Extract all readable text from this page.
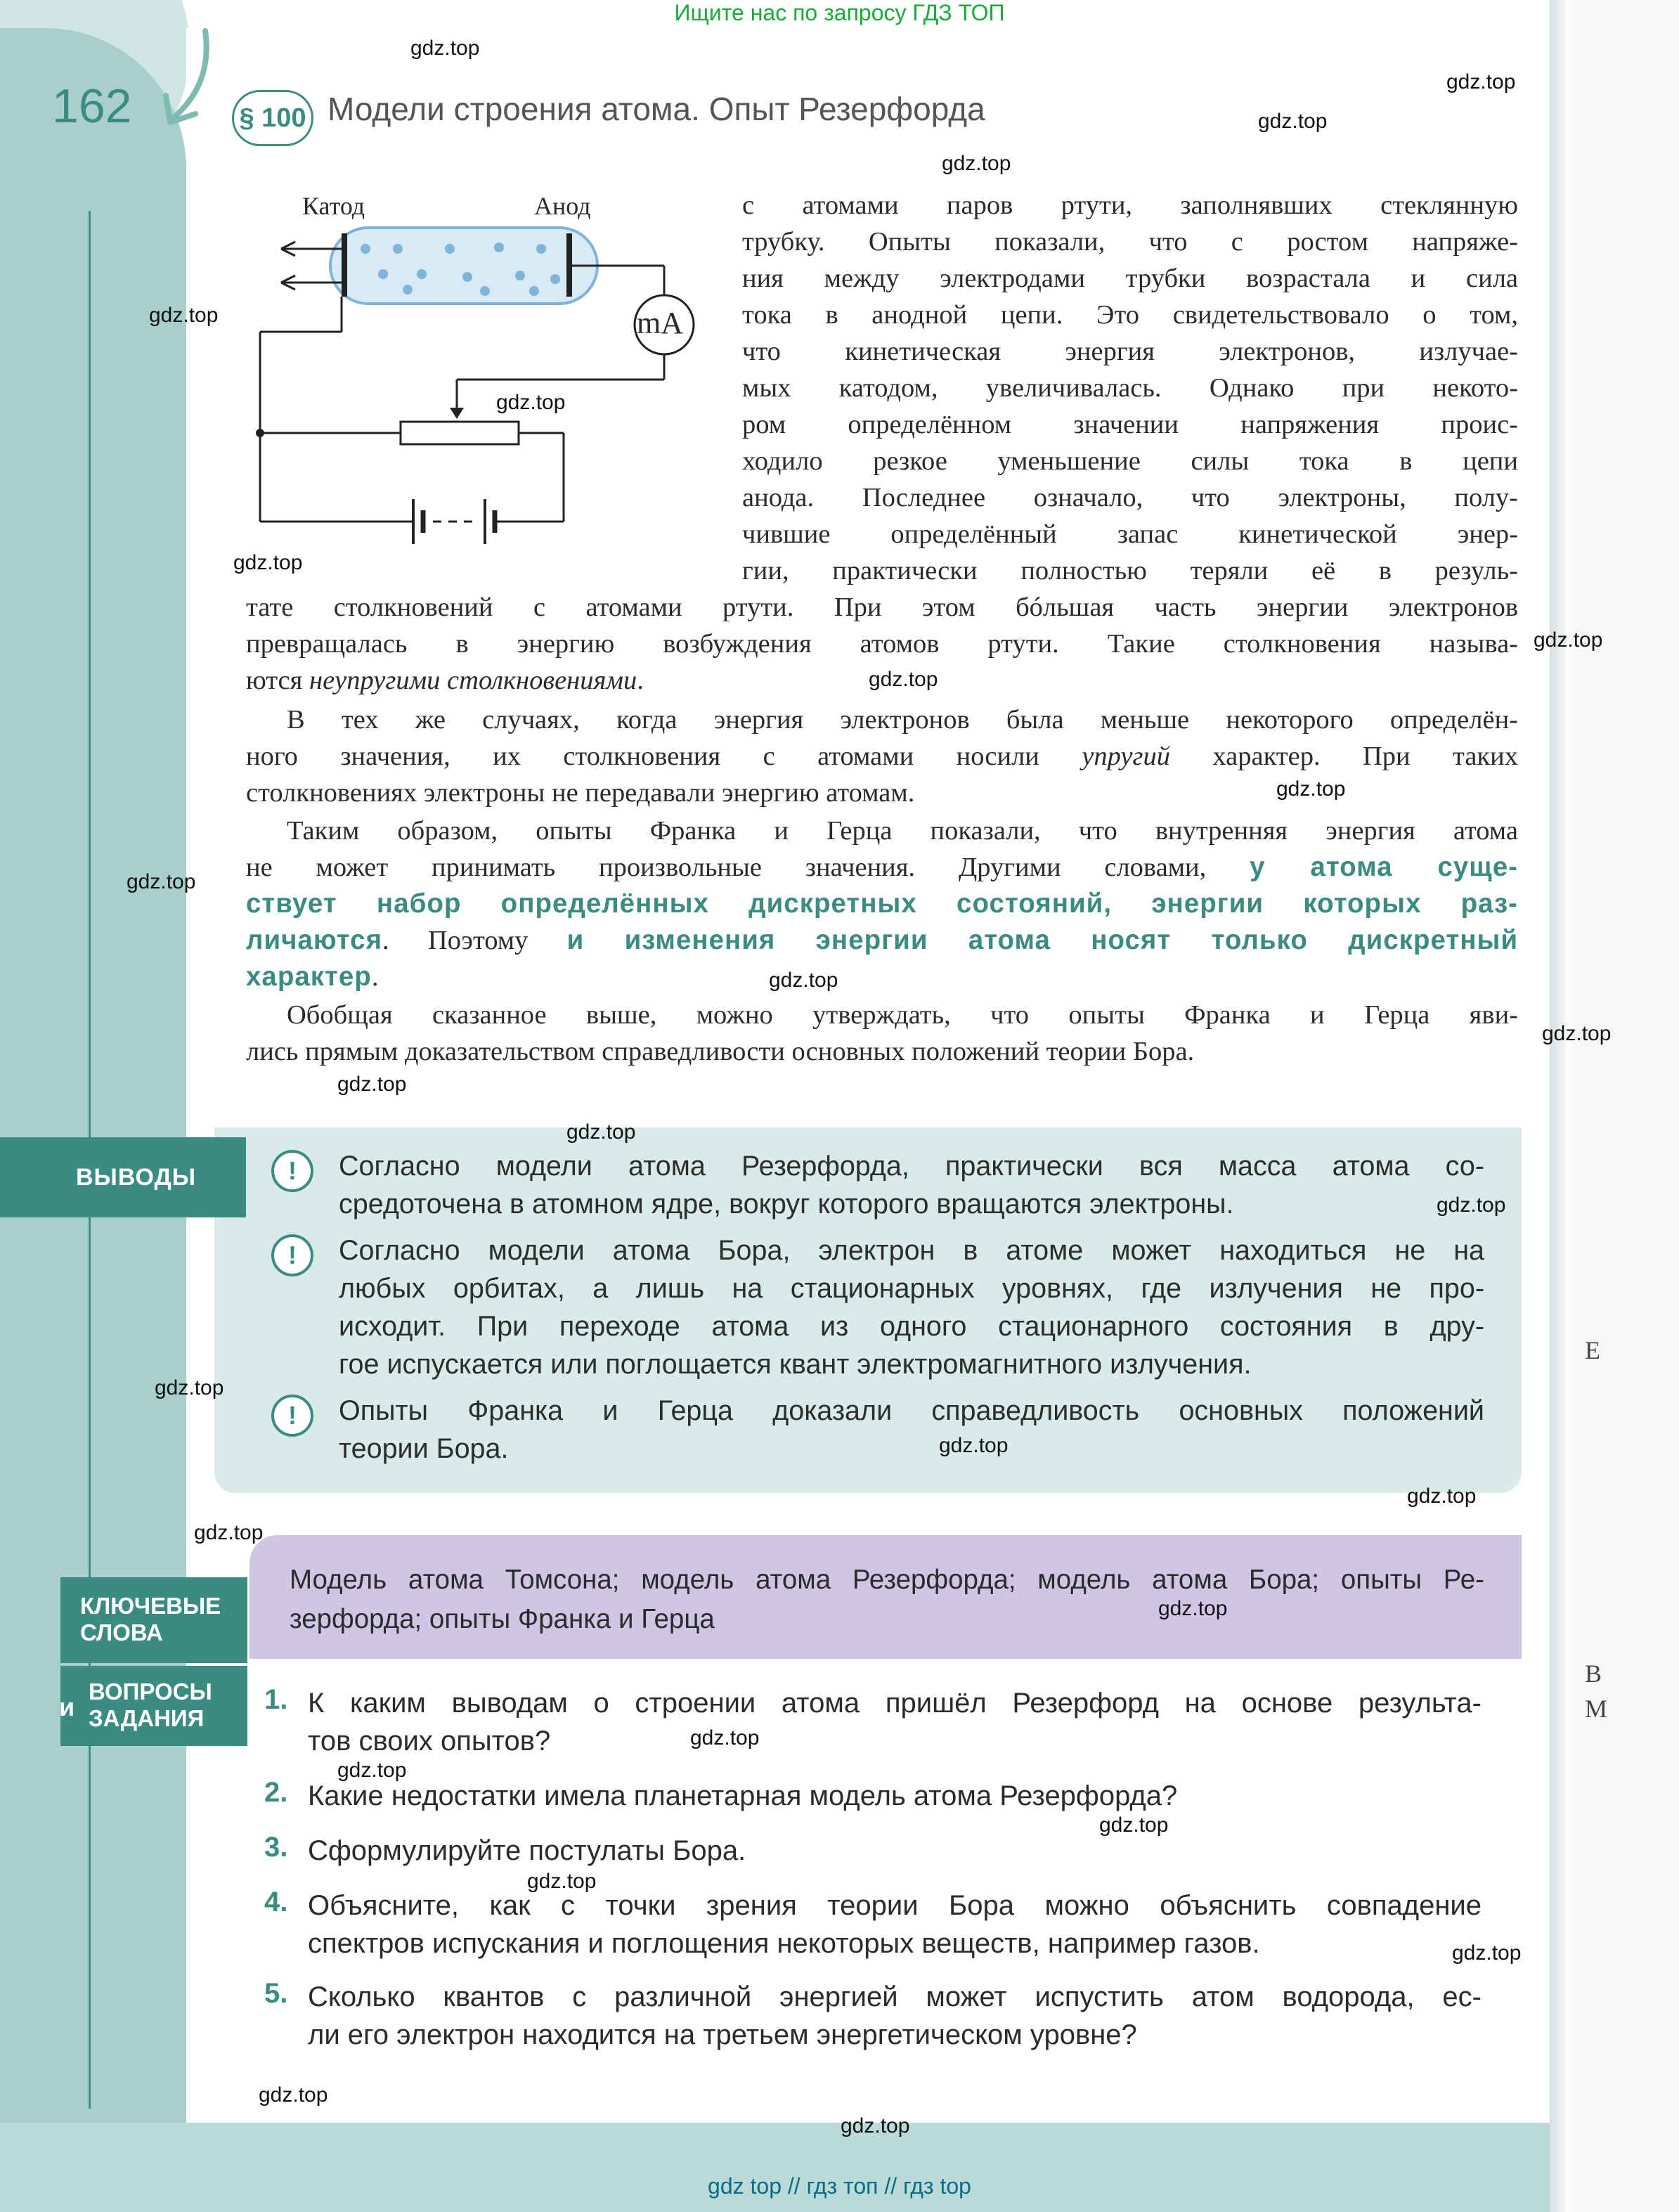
Е
В
М
Ищите нас по запросу ГДЗ ТОП
gdz top // гдз топ // гдз top
162	§ 100 Модели строения атома. Опыт Резерфорда
Катод	Анод
mA
с атомами паров ртути, заполнявших стеклянную
трубку. Опыты показали, что с ростом напряже-
ния между электродами трубки возрастала и сила
тока в анодной цепи. Это свидетельствовало о том,
что кинетическая энергия электронов, излучае-
мых катодом, увеличивалась. Однако при некото-
ром определённом значении напряжения проис-
ходило резкое уменьшение силы тока в цепи
анода. Последнее означало, что электроны, полу-
чившие определённый запас кинетической энер-
гии, практически полностью теряли её в резуль-
тате столкновений с атомами ртути. При этом бóльшая часть энергии электронов
превращалась в энергию возбуждения атомов ртути. Такие столкновения называ-
ются неупругими столкновениями.
В тех же случаях, когда энергия электронов была меньше некоторого определён-
ного значения, их столкновения с атомами носили упругий характер. При таких
столкновениях электроны не передавали энергию атомам.
Таким образом, опыты Франка и Герца показали, что внутренняя энергия атома
не может принимать произвольные значения. Другими словами, у атома суще-
ствует набор определённых дискретных состояний, энергии которых раз-
личаются. Поэтому и изменения энергии атома носят только дискретный
характер.
Обобщая сказанное выше, можно утверждать, что опыты Франка и Герца яви-
лись прямым доказательством справедливости основных положений теории Бора.
ВЫВОДЫ	!	Согласно модели атома Резерфорда, практически вся масса атома со-
средоточена в атомном ядре, вокруг которого вращаются электроны.
!	Согласно модели атома Бора, электрон в атоме может находиться не на
любых орбитах, а лишь на стационарных уровнях, где излучения не про-
исходит. При переходе атома из одного стационарного состояния в дру-
гое испускается или поглощается квант электромагнитного излучения.
!	Опыты Франка и Герца доказали справедливость основных положений
теории Бора.
КЛЮЧЕВЫЕ
СЛОВА
Модель атома Томсона; модель атома Резерфорда; модель атома Бора; опыты Ре-
зерфорда; опыты Франка и Герца
и
ВОПРОСЫ
ЗАДАНИЯ
1. К каким выводам о строении атома пришёл Резерфорд на основе результа-
тов своих опытов?
2. Какие недостатки имела планетарная модель атома Резерфорда?
3. Сформулируйте постулаты Бора.
4. Объясните, как с точки зрения теории Бора можно объяснить совпадение
спектров испускания и поглощения некоторых веществ, например газов.
5. Сколько квантов с различной энергией может испустить атом водорода, ес-
ли его электрон находится на третьем энергетическом уровне?
gdz.top
gdz.top
gdz.top
gdz.top
gdz.top
gdz.top
gdz.top
gdz.top
gdz.top
gdz.top
gdz.top
gdz.top
gdz.top
gdz.top
gdz.top
gdz.top
gdz.top
gdz.top
gdz.top
gdz.top
gdz.top
gdz.top
gdz.top
gdz.top
gdz.top
gdz.top
gdz.top
gdz.top
